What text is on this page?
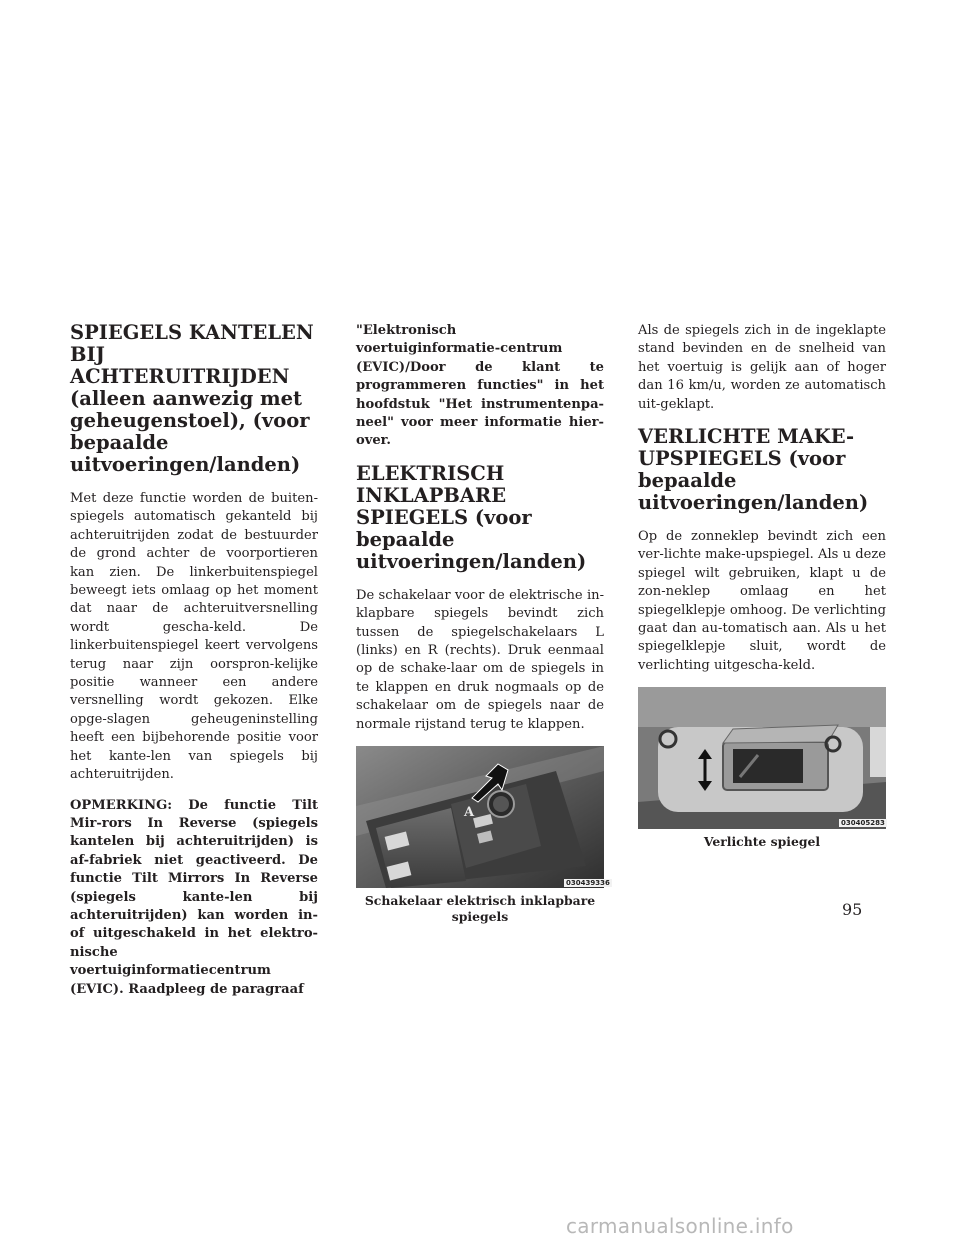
SPIEGELS KANTELEN BIJ ACHTERUITRIJDEN (alleen aanwezig met geheugenstoel), (voor bepaalde uitvoeringen/landen)

Met deze functie worden de buiten-spiegels automatisch gekanteld bij achteruitrijden zodat de bestuurder de grond achter de voorportieren kan zien. De linkerbuitenspiegel beweegt iets omlaag op het moment dat naar de achteruitversnelling wordt gescha-keld. De linkerbuitenspiegel keert vervolgens terug naar zijn oorspron-kelijke positie wanneer een andere versnelling wordt gekozen. Elke opge-slagen geheugeninstelling heeft een bijbehorende positie voor het kante-len van spiegels bij achteruitrijden.

OPMERKING: De functie Tilt Mir-rors In Reverse (spiegels kantelen bij achteruitrijden) is af-fabriek niet geactiveerd. De functie Tilt Mirrors In Reverse (spiegels kante-len bij achteruitrijden) kan worden in- of uitgeschakeld in het elektro-nische voertuiginformatiecentrum (EVIC). Raadpleeg de paragraaf

"Elektronisch voertuiginformatie-centrum (EVIC)/Door de klant te programmeren functies" in het hoofdstuk "Het instrumentenpa-neel" voor meer informatie hier-over.

ELEKTRISCH INKLAPBARE SPIEGELS (voor bepaalde uitvoeringen/landen)

De schakelaar voor de elektrische in-klapbare spiegels bevindt zich tussen de spiegelschakelaars L (links) en R (rechts). Druk eenmaal op de schake-laar om de spiegels in te klappen en druk nogmaals op de schakelaar om de spiegels naar de normale rijstand terug te klappen.

A
030439336
Schakelaar elektrisch inklapbare spiegels

Als de spiegels zich in de ingeklapte stand bevinden en de snelheid van het voertuig is gelijk aan of hoger dan 16 km/u, worden ze automatisch uit-geklapt.

VERLICHTE MAKE-UPSPIEGELS (voor bepaalde uitvoeringen/landen)

Op de zonneklep bevindt zich een ver-lichte make-upspiegel. Als u deze spiegel wilt gebruiken, klapt u de zon-neklep omlaag en het spiegelklepje omhoog. De verlichting gaat dan au-tomatisch aan. Als u het spiegelklepje sluit, wordt de verlichting uitgescha-keld.

030405283
Verlichte spiegel
95
carmanualsonline.info
